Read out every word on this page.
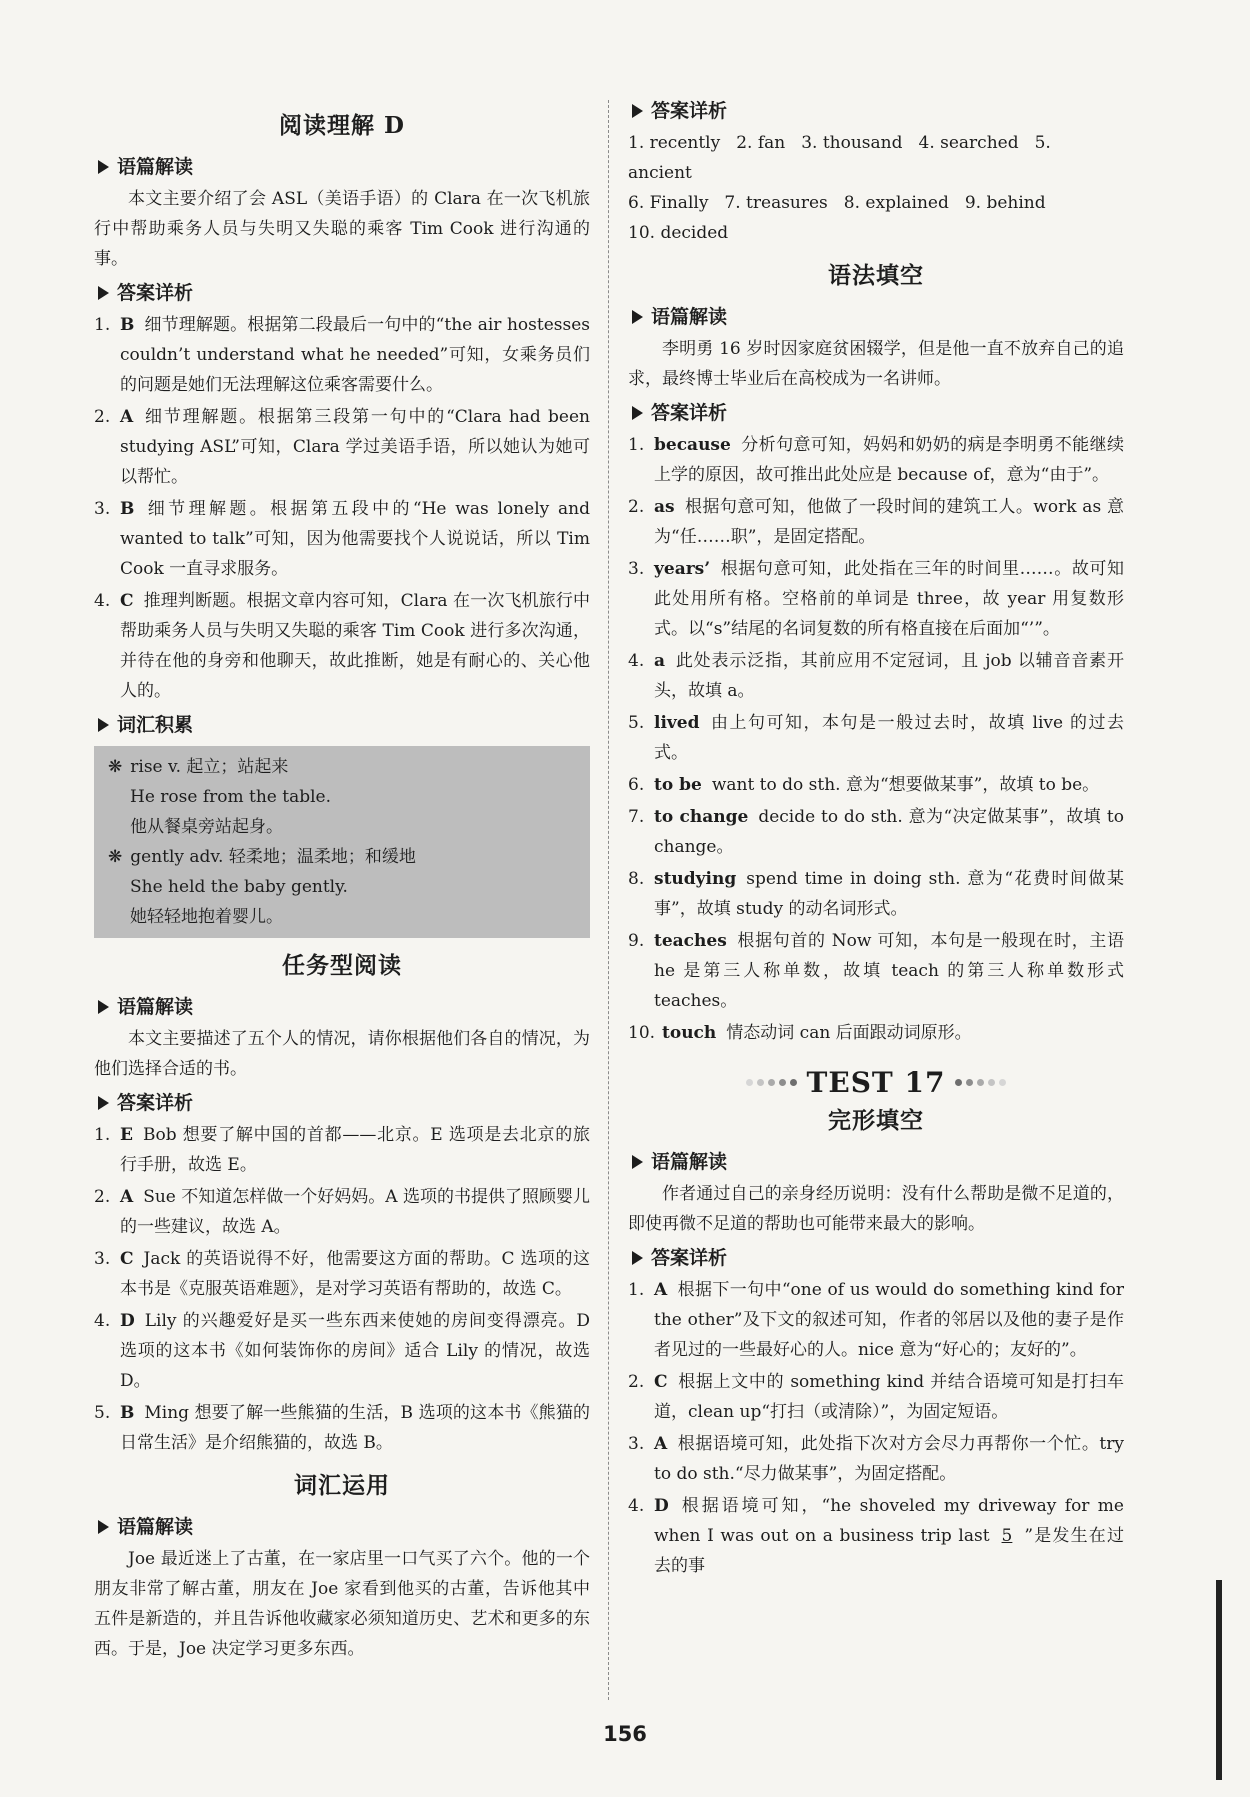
阅读理解 D
语篇解读

本文主要介绍了会 ASL（美语手语）的 Clara 在一次飞机旅行中帮助乘务人员与失明又失聪的乘客 Tim Cook 进行沟通的事。

答案详析
1. B 细节理解题。根据第二段最后一句中的“the air hostesses couldn’t understand what he needed”可知，女乘务员们的问题是她们无法理解这位乘客需要什么。
2. A 细节理解题。根据第三段第一句中的“Clara had been studying ASL”可知，Clara 学过美语手语，所以她认为她可以帮忙。
3. B 细节理解题。根据第五段中的“He was lonely and wanted to talk”可知，因为他需要找个人说说话，所以 Tim Cook 一直寻求服务。
4. C 推理判断题。根据文章内容可知，Clara 在一次飞机旅行中帮助乘务人员与失明又失聪的乘客 Tim Cook 进行多次沟通，并待在他的身旁和他聊天，故此推断，她是有耐心的、关心他人的。
词汇积累

❋ rise v. 起立；站起来

He rose from the table.

他从餐桌旁站起身。

❋ gently adv. 轻柔地；温柔地；和缓地

She held the baby gently.

她轻轻地抱着婴儿。

任务型阅读
语篇解读

本文主要描述了五个人的情况，请你根据他们各自的情况，为他们选择合适的书。

答案详析
1. E Bob 想要了解中国的首都——北京。E 选项是去北京的旅行手册，故选 E。
2. A Sue 不知道怎样做一个好妈妈。A 选项的书提供了照顾婴儿的一些建议，故选 A。
3. C Jack 的英语说得不好，他需要这方面的帮助。C 选项的这本书是《克服英语难题》，是对学习英语有帮助的，故选 C。
4. D Lily 的兴趣爱好是买一些东西来使她的房间变得漂亮。D 选项的这本书《如何装饰你的房间》适合 Lily 的情况，故选 D。
5. B Ming 想要了解一些熊猫的生活，B 选项的这本书《熊猫的日常生活》是介绍熊猫的，故选 B。
词汇运用
语篇解读

Joe 最近迷上了古董，在一家店里一口气买了六个。他的一个朋友非常了解古董，朋友在 Joe 家看到他买的古董，告诉他其中五件是新造的，并且告诉他收藏家必须知道历史、艺术和更多的东西。于是，Joe 决定学习更多东西。

答案详析

1. recently 2. fan 3. thousand 4. searched 5. ancient

6. Finally 7. treasures 8. explained 9. behind

10. decided

语法填空
语篇解读

李明勇 16 岁时因家庭贫困辍学，但是他一直不放弃自己的追求，最终博士毕业后在高校成为一名讲师。

答案详析
1. because 分析句意可知，妈妈和奶奶的病是李明勇不能继续上学的原因，故可推出此处应是 because of，意为“由于”。
2. as 根据句意可知，他做了一段时间的建筑工人。work as 意为“任……职”，是固定搭配。
3. years’ 根据句意可知，此处指在三年的时间里……。故可知此处用所有格。空格前的单词是 three，故 year 用复数形式。以“s”结尾的名词复数的所有格直接在后面加“’”。
4. a 此处表示泛指，其前应用不定冠词，且 job 以辅音音素开头，故填 a。
5. lived 由上句可知，本句是一般过去时，故填 live 的过去式。
6. to be want to do sth. 意为“想要做某事”，故填 to be。
7. to change decide to do sth. 意为“决定做某事”，故填 to change。
8. studying spend time in doing sth. 意为“花费时间做某事”，故填 study 的动名词形式。
9. teaches 根据句首的 Now 可知，本句是一般现在时，主语 he 是第三人称单数，故填 teach 的第三人称单数形式 teaches。
10. touch 情态动词 can 后面跟动词原形。
TEST 17
完形填空
语篇解读

作者通过自己的亲身经历说明：没有什么帮助是微不足道的，即使再微不足道的帮助也可能带来最大的影响。

答案详析
1. A 根据下一句中“one of us would do something kind for the other”及下文的叙述可知，作者的邻居以及他的妻子是作者见过的一些最好心的人。nice 意为“好心的；友好的”。
2. C 根据上文中的 something kind 并结合语境可知是打扫车道，clean up“打扫（或清除）”，为固定短语。
3. A 根据语境可知，此处指下次对方会尽力再帮你一个忙。try to do sth.“尽力做某事”，为固定搭配。
4. D 根据语境可知，“he shoveled my driveway for me when I was out on a business trip last 5 ”是发生在过去的事
156
